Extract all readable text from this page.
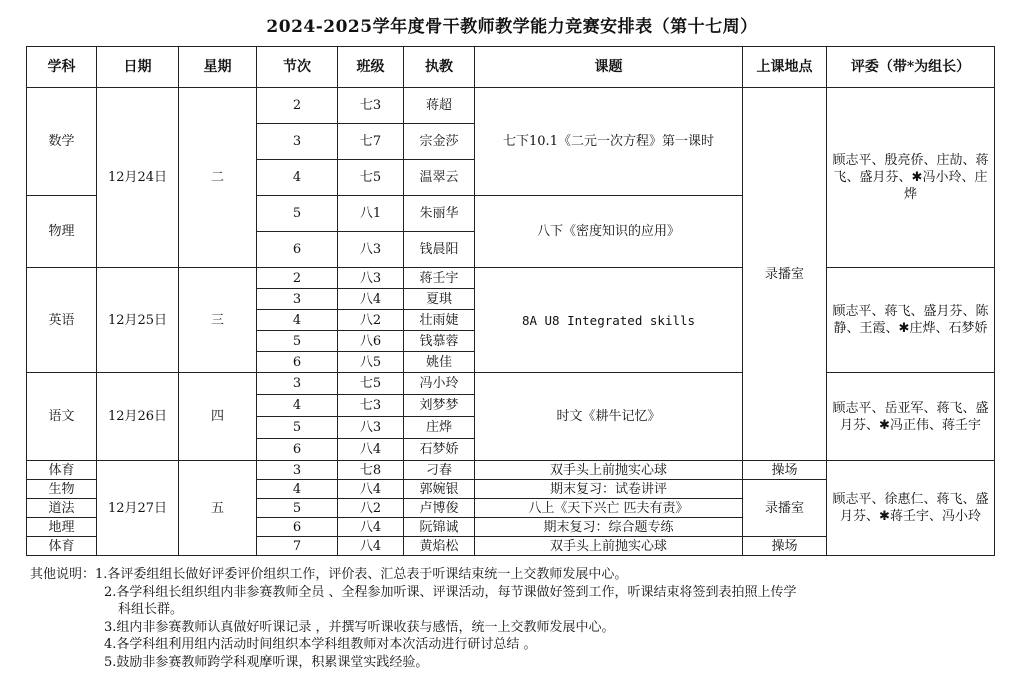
2024-2025学年度骨干教师教学能力竞赛安排表（第十七周）
学科	日期	星期	节次	班级	执教	课题	上课地点	评委（带*为组长）
数学	12月24日	二	2	七3	蒋超	七下10.1《二元一次方程》第一课时	录播室	顾志平、殷亮侨、庄劼、蒋飞、盛月芬、✱冯小玲、庄烨
			3	七7	宗金莎			
			4	七5	温翠云			
物理			5	八1	朱丽华	八下《密度知识的应用》		
			6	八3	钱晨阳			
英语	12月25日	三	2	八3	蒋壬宇	8A U8 Integrated skills		顾志平、蒋飞、盛月芬、陈静、王霞、✱庄烨、石梦娇
			3	八4	夏琪			
			4	八2	壮雨婕			
			5	八6	钱慕蓉			
			6	八5	姚佳			
语文	12月26日	四	3	七5	冯小玲	时文《耕牛记忆》		顾志平、岳亚军、蒋飞、盛月芬、✱冯正伟、蒋壬宇
			4	七3	刘梦梦			
			5	八3	庄烨			
			6	八4	石梦娇			
体育	12月27日	五	3	七8	刁春	双手头上前抛实心球	操场	顾志平、徐惠仁、蒋飞、盛月芬、✱蒋壬宇、冯小玲
生物			4	八4	郭婉银	期末复习：试卷讲评	录播室	
道法			5	八2	卢博俊	八上《天下兴亡 匹夫有责》		
地理			6	八4	阮锦诚	期末复习：综合题专练		
体育			7	八4	黄焰松	双手头上前抛实心球	操场	
其他说明：1.各评委组组长做好评委评价组织工作，评价表、汇总表于听课结束统一上交教师发展中心。
2.各学科组长组织组内非参赛教师全员 、全程参加听课、评课活动，每节课做好签到工作，听课结束将签到表拍照上传学
科组长群。
3.组内非参赛教师认真做好听课记录 ，并撰写听课收获与感悟，统一上交教师发展中心。
4.各学科组利用组内活动时间组织本学科组教师对本次活动进行研讨总结 。
5.鼓励非参赛教师跨学科观摩听课，积累课堂实践经验。
